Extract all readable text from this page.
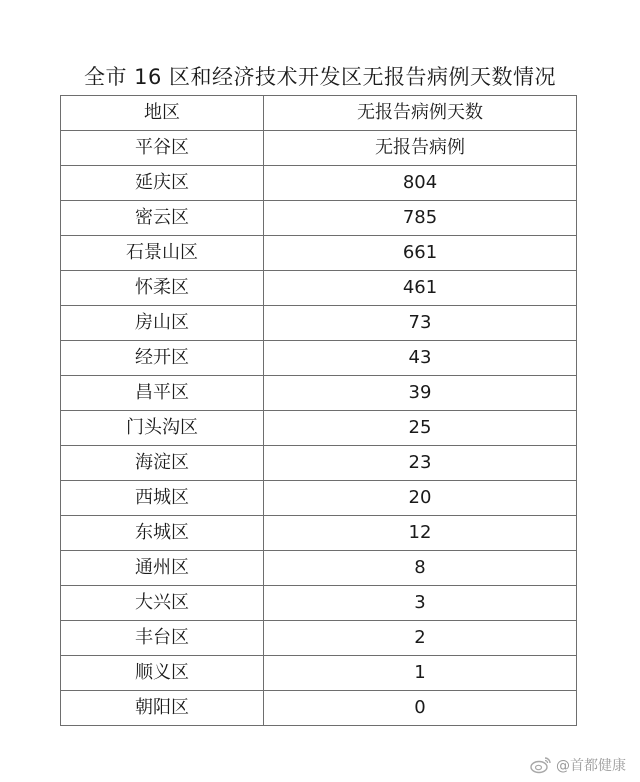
全市 16 区和经济技术开发区无报告病例天数情况
地区	无报告病例天数
平谷区	无报告病例
延庆区	804
密云区	785
石景山区	661
怀柔区	461
房山区	73
经开区	43
昌平区	39
门头沟区	25
海淀区	23
西城区	20
东城区	12
通州区	8
大兴区	3
丰台区	2
顺义区	1
朝阳区	0
@首都健康
